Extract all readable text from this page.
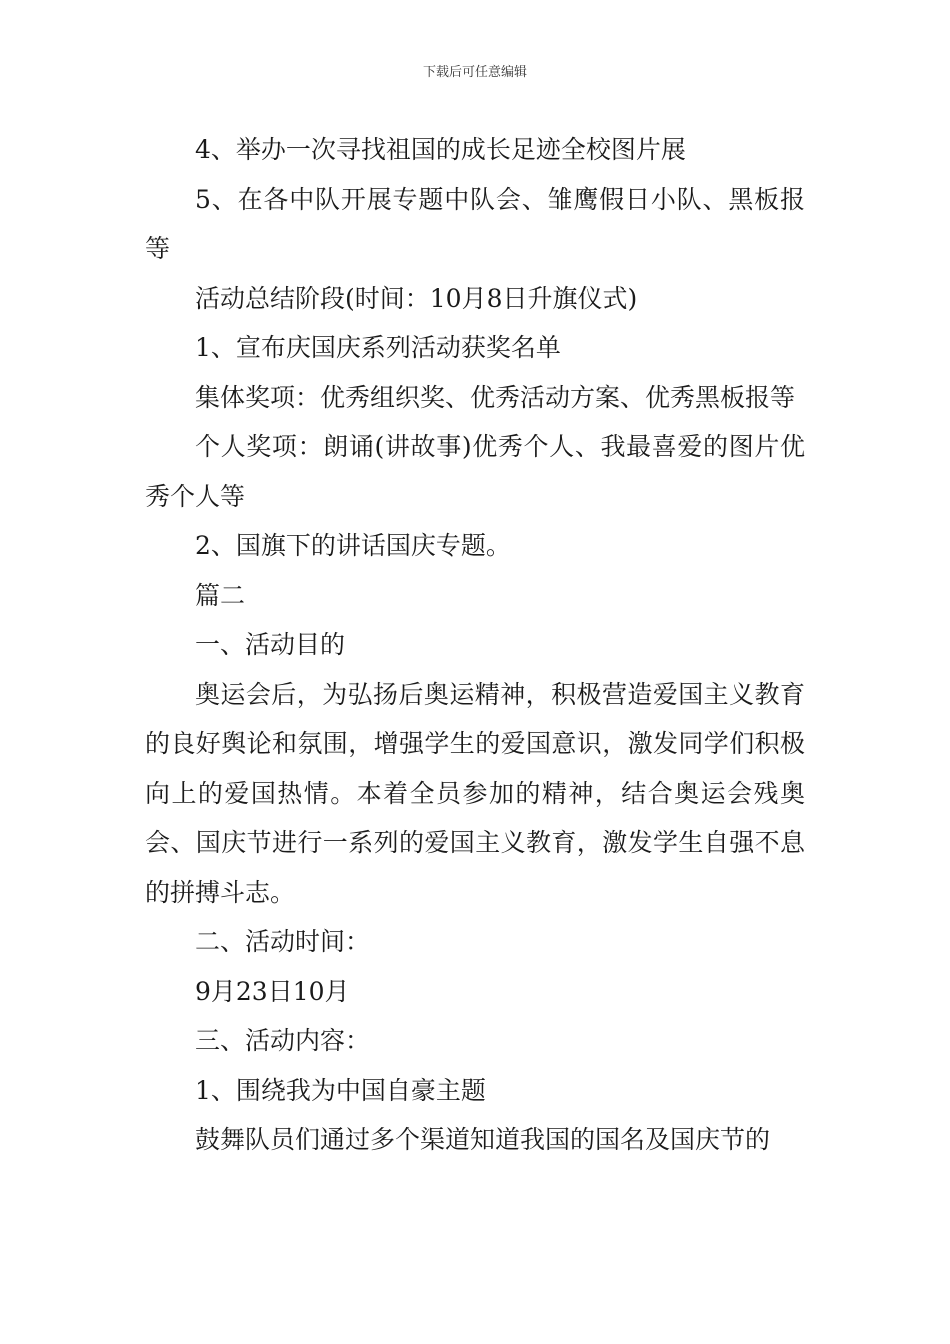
下载后可任意编辑

4、举办一次寻找祖国的成长足迹全校图片展

5、在各中队开展专题中队会、雏鹰假日小队、黑板报等

活动总结阶段(时间：10月8日升旗仪式)

1、宣布庆国庆系列活动获奖名单

集体奖项：优秀组织奖、优秀活动方案、优秀黑板报等

个人奖项：朗诵(讲故事)优秀个人、我最喜爱的图片优秀个人等

2、国旗下的讲话国庆专题。

篇二

一、活动目的

奥运会后，为弘扬后奥运精神，积极营造爱国主义教育的良好舆论和氛围，增强学生的爱国意识，激发同学们积极向上的爱国热情。本着全员参加的精神，结合奥运会残奥会、国庆节进行一系列的爱国主义教育，激发学生自强不息的拼搏斗志。

二、活动时间：

9月23日10月

三、活动内容：

1、围绕我为中国自豪主题

鼓舞队员们通过多个渠道知道我国的国名及国庆节的
